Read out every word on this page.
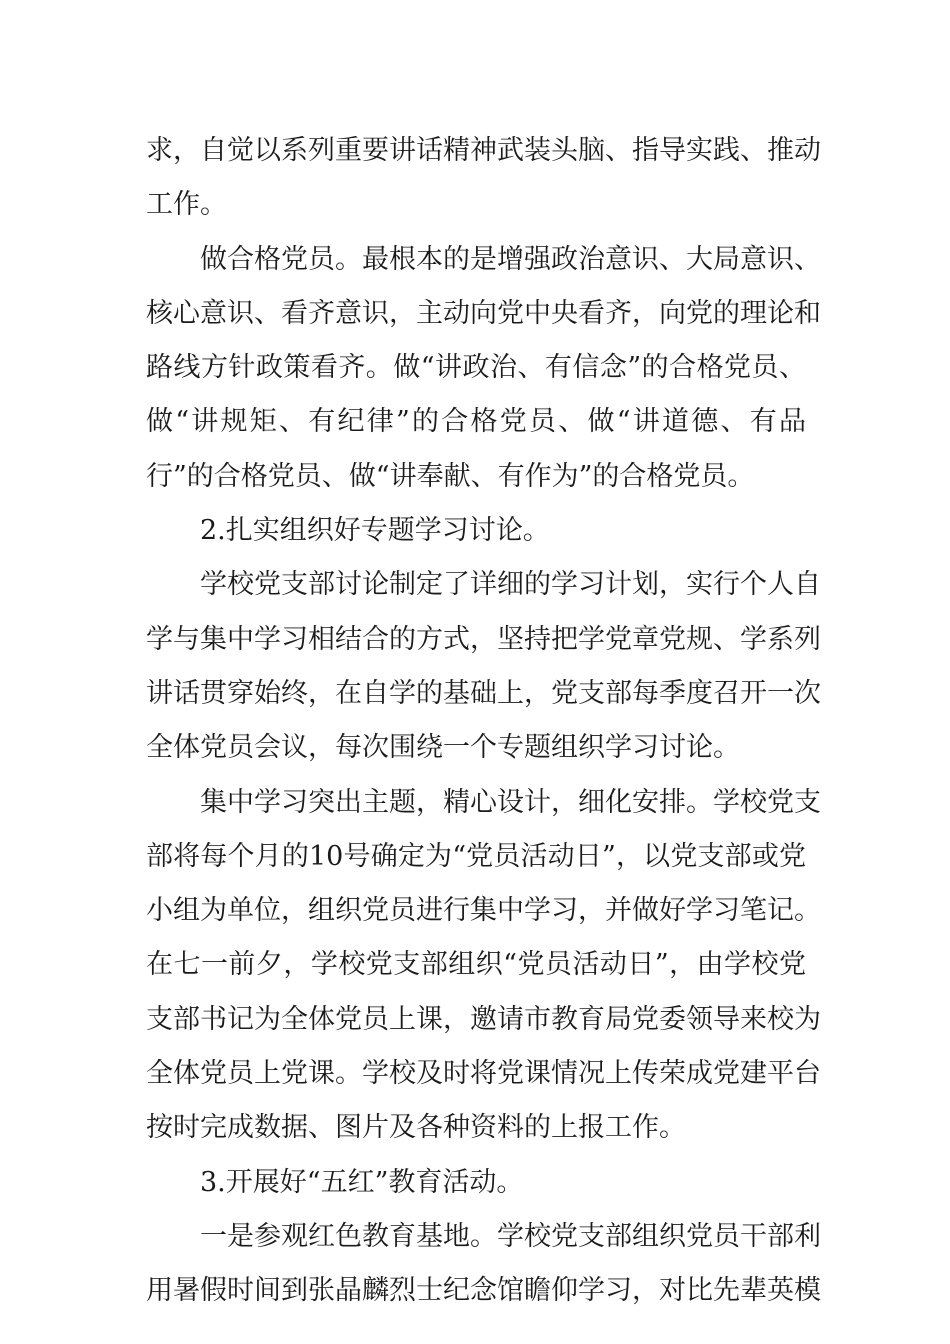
求，自觉以系列重要讲话精神武装头脑、指导实践、推动
工作。
做合格党员。最根本的是增强政治意识、大局意识、
核心意识、看齐意识，主动向党中央看齐，向党的理论和
路线方针政策看齐。做“讲政治、有信念”的合格党员、
做“讲规矩、有纪律”的合格党员、做“讲道德、有品
行”的合格党员、做“讲奉献、有作为”的合格党员。
2.扎实组织好专题学习讨论。
学校党支部讨论制定了详细的学习计划，实行个人自
学与集中学习相结合的方式，坚持把学党章党规、学系列
讲话贯穿始终，在自学的基础上，党支部每季度召开一次
全体党员会议，每次围绕一个专题组织学习讨论。
集中学习突出主题，精心设计，细化安排。学校党支
部将每个月的10号确定为“党员活动日”，以党支部或党
小组为单位，组织党员进行集中学习，并做好学习笔记。
在七一前夕，学校党支部组织“党员活动日”，由学校党
支部书记为全体党员上课，邀请市教育局党委领导来校为
全体党员上党课。学校及时将党课情况上传荣成党建平台
按时完成数据、图片及各种资料的上报工作。
3.开展好“五红”教育活动。
一是参观红色教育基地。学校党支部组织党员干部利
用暑假时间到张晶麟烈士纪念馆瞻仰学习，对比先辈英模
